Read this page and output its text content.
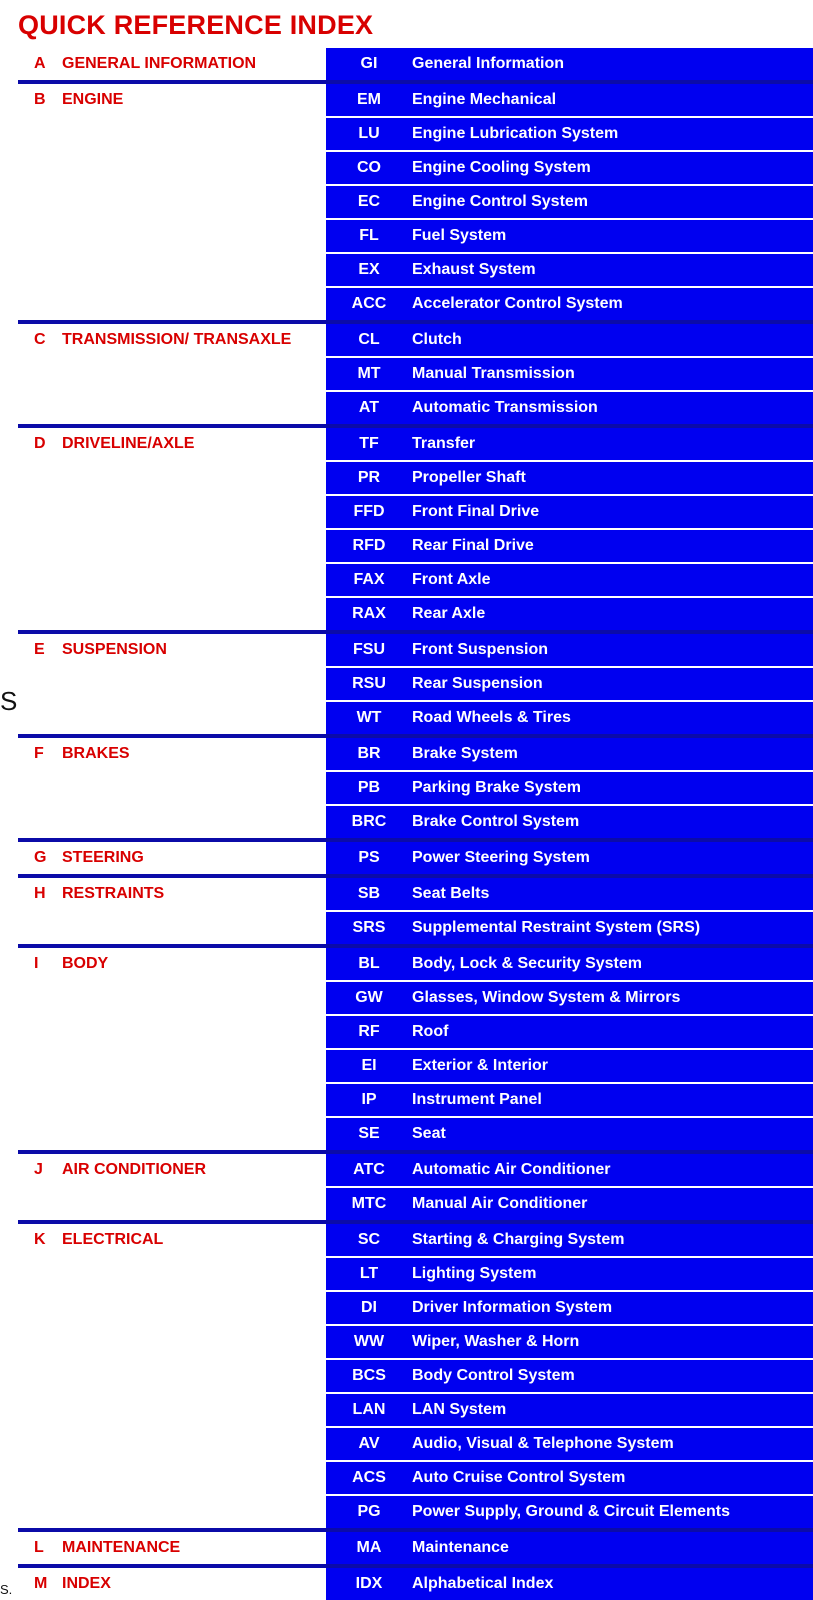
QUICK REFERENCE INDEX
S
S.
A	GENERAL INFORMATION	GI	General Information
B	ENGINE	EM	Engine Mechanical
LU	Engine Lubrication System
CO	Engine Cooling System
EC	Engine Control System
FL	Fuel System
EX	Exhaust System
ACC	Accelerator Control System
C	TRANSMISSION/ TRANSAXLE	CL	Clutch
MT	Manual Transmission
AT	Automatic Transmission
D	DRIVELINE/AXLE	TF	Transfer
PR	Propeller Shaft
FFD	Front Final Drive
RFD	Rear Final Drive
FAX	Front Axle
RAX	Rear Axle
E	SUSPENSION	FSU	Front Suspension
RSU	Rear Suspension
WT	Road Wheels & Tires
F	BRAKES	BR	Brake System
PB	Parking Brake System
BRC	Brake Control System
G STEERING	PS	Power Steering System
H	RESTRAINTS	SB	Seat Belts
SRS	Supplemental Restraint System (SRS)
I	BODY	BL	Body, Lock & Security System
GW	Glasses, Window System & Mirrors
RF	Roof
EI	Exterior & Interior
IP	Instrument Panel
SE	Seat
J	AIR CONDITIONER	ATC	Automatic Air Conditioner
MTC	Manual Air Conditioner
K	ELECTRICAL	SC	Starting & Charging System
LT	Lighting System
DI	Driver Information System
WW	Wiper, Washer & Horn
BCS	Body Control System
LAN	LAN System
AV	Audio, Visual & Telephone System
ACS	Auto Cruise Control System
PG	Power Supply, Ground & Circuit Elements
L	MAINTENANCE	MA	Maintenance
M INDEX	IDX	Alphabetical Index
